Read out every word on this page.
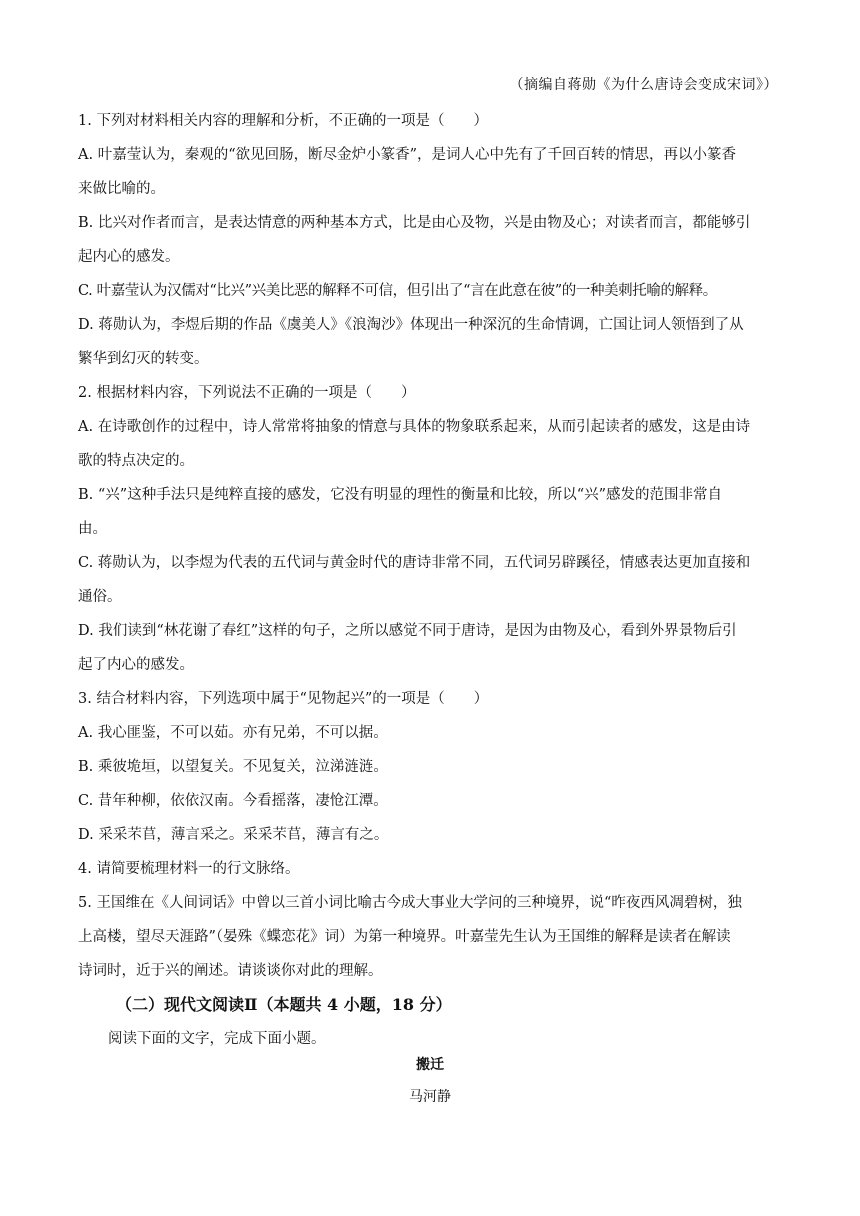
（摘编自蒋勋《为什么唐诗会变成宋词》）
1. 下列对材料相关内容的理解和分析，不正确的一项是（　　）
A. 叶嘉莹认为，秦观的“欲见回肠，断尽金炉小篆香”，是词人心中先有了千回百转的情思，再以小篆香
来做比喻的。
B. 比兴对作者而言，是表达情意的两种基本方式，比是由心及物，兴是由物及心；对读者而言，都能够引
起内心的感发。
C. 叶嘉莹认为汉儒对“比兴”兴美比恶的解释不可信，但引出了“言在此意在彼”的一种美刺托喻的解释。
D. 蒋勋认为，李煜后期的作品《虞美人》《浪淘沙》体现出一种深沉的生命情调，亡国让词人领悟到了从
繁华到幻灭的转变。
2. 根据材料内容，下列说法不正确的一项是（　　）
A. 在诗歌创作的过程中，诗人常常将抽象的情意与具体的物象联系起来，从而引起读者的感发，这是由诗
歌的特点决定的。
B. “兴”这种手法只是纯粹直接的感发，它没有明显的理性的衡量和比较，所以“兴”感发的范围非常自
由。
C. 蒋勋认为，以李煜为代表的五代词与黄金时代的唐诗非常不同，五代词另辟蹊径，情感表达更加直接和
通俗。
D. 我们读到“林花谢了春红”这样的句子，之所以感觉不同于唐诗，是因为由物及心，看到外界景物后引
起了内心的感发。
3. 结合材料内容，下列选项中属于“见物起兴”的一项是（　　）
A. 我心匪鉴，不可以茹。亦有兄弟，不可以据。
B. 乘彼垝垣，以望复关。不见复关，泣涕涟涟。
C. 昔年种柳，依依汉南。今看摇落，凄怆江潭。
D. 采采芣苢，薄言采之。采采芣苢，薄言有之。
4. 请简要梳理材料一的行文脉络。
5. 王国维在《人间词话》中曾以三首小词比喻古今成大事业大学问的三种境界，说“昨夜西风凋碧树，独
上高楼，望尽天涯路”（晏殊《蝶恋花》词）为第一种境界。叶嘉莹先生认为王国维的解释是读者在解读
诗词时，近于兴的阐述。请谈谈你对此的理解。
（二）现代文阅读Ⅱ（本题共 4 小题，18 分）
阅读下面的文字，完成下面小题。
搬迁
马河静
